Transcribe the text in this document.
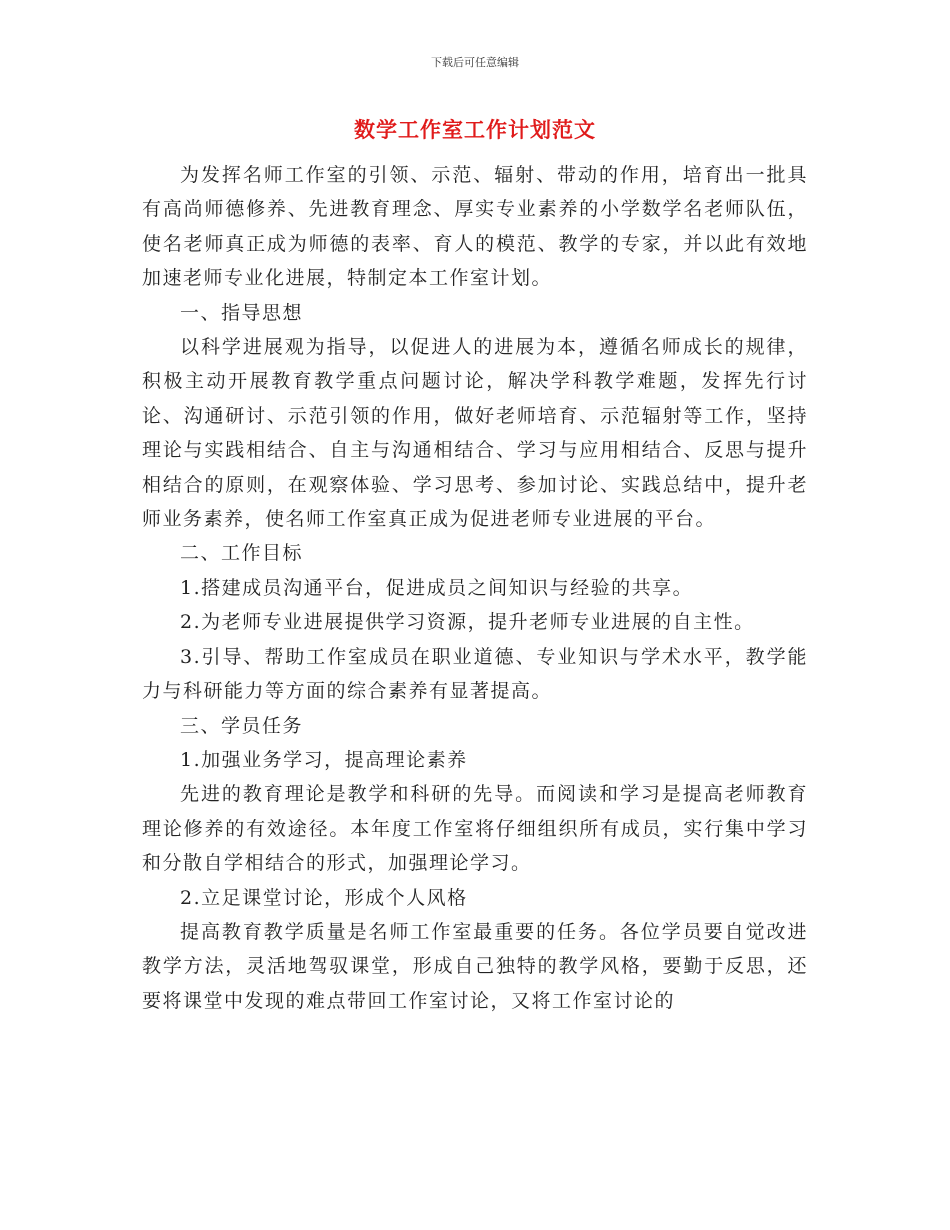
下载后可任意编辑
数学工作室工作计划范文

为发挥名师工作室的引领、示范、辐射、带动的作用，培育出一批具有高尚师德修养、先进教育理念、厚实专业素养的小学数学名老师队伍，使名老师真正成为师德的表率、育人的模范、教学的专家，并以此有效地加速老师专业化进展，特制定本工作室计划。

一、指导思想

以科学进展观为指导，以促进人的进展为本，遵循名师成长的规律，积极主动开展教育教学重点问题讨论，解决学科教学难题，发挥先行讨论、沟通研讨、示范引领的作用，做好老师培育、示范辐射等工作，坚持理论与实践相结合、自主与沟通相结合、学习与应用相结合、反思与提升相结合的原则，在观察体验、学习思考、参加讨论、实践总结中，提升老师业务素养，使名师工作室真正成为促进老师专业进展的平台。

二、工作目标

1.搭建成员沟通平台，促进成员之间知识与经验的共享。

2.为老师专业进展提供学习资源，提升老师专业进展的自主性。

3.引导、帮助工作室成员在职业道德、专业知识与学术水平，教学能力与科研能力等方面的综合素养有显著提高。

三、学员任务

1.加强业务学习，提高理论素养

先进的教育理论是教学和科研的先导。而阅读和学习是提高老师教育理论修养的有效途径。本年度工作室将仔细组织所有成员，实行集中学习和分散自学相结合的形式，加强理论学习。

2.立足课堂讨论，形成个人风格

提高教育教学质量是名师工作室最重要的任务。各位学员要自觉改进教学方法，灵活地驾驭课堂，形成自己独特的教学风格，要勤于反思，还要将课堂中发现的难点带回工作室讨论，又将工作室讨论的
